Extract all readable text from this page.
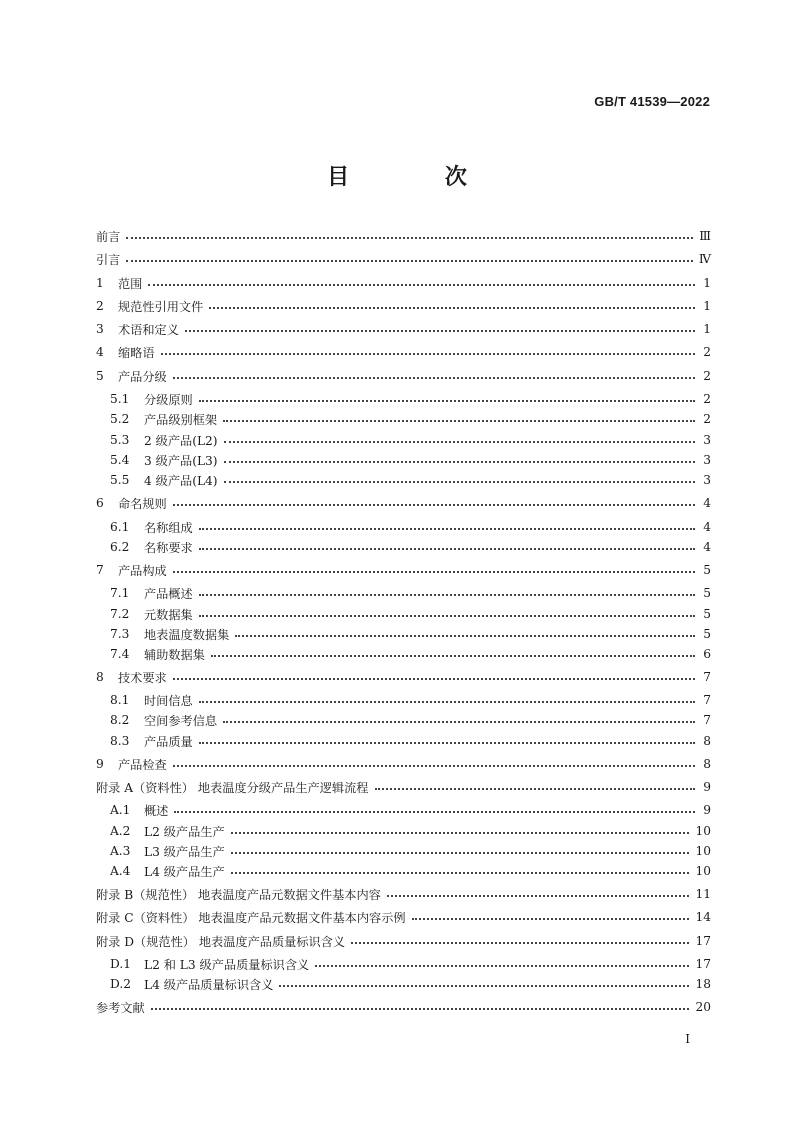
GB/T 41539—2022
目 次
前言	Ⅲ
引言	Ⅳ
1	范围	1
2	规范性引用文件	1
3	术语和定义	1
4	缩略语	2
5	产品分级	2
5.1	分级原则	2
5.2	产品级别框架	2
5.3	2 级产品(L2)	3
5.4	3 级产品(L3)	3
5.5	4 级产品(L4)	3
6	命名规则	4
6.1	名称组成	4
6.2	名称要求	4
7	产品构成	5
7.1	产品概述	5
7.2	元数据集	5
7.3	地表温度数据集	5
7.4	辅助数据集	6
8	技术要求	7
8.1	时间信息	7
8.2	空间参考信息	7
8.3	产品质量	8
9	产品检查	8
附录 A（资料性） 地表温度分级产品生产逻辑流程	9
A.1	概述	9
A.2	L2 级产品生产	10
A.3	L3 级产品生产	10
A.4	L4 级产品生产	10
附录 B（规范性） 地表温度产品元数据文件基本内容	11
附录 C（资料性） 地表温度产品元数据文件基本内容示例	14
附录 D（规范性） 地表温度产品质量标识含义	17
D.1	L2 和 L3 级产品质量标识含义	17
D.2	L4 级产品质量标识含义	18
参考文献	20
Ⅰ
